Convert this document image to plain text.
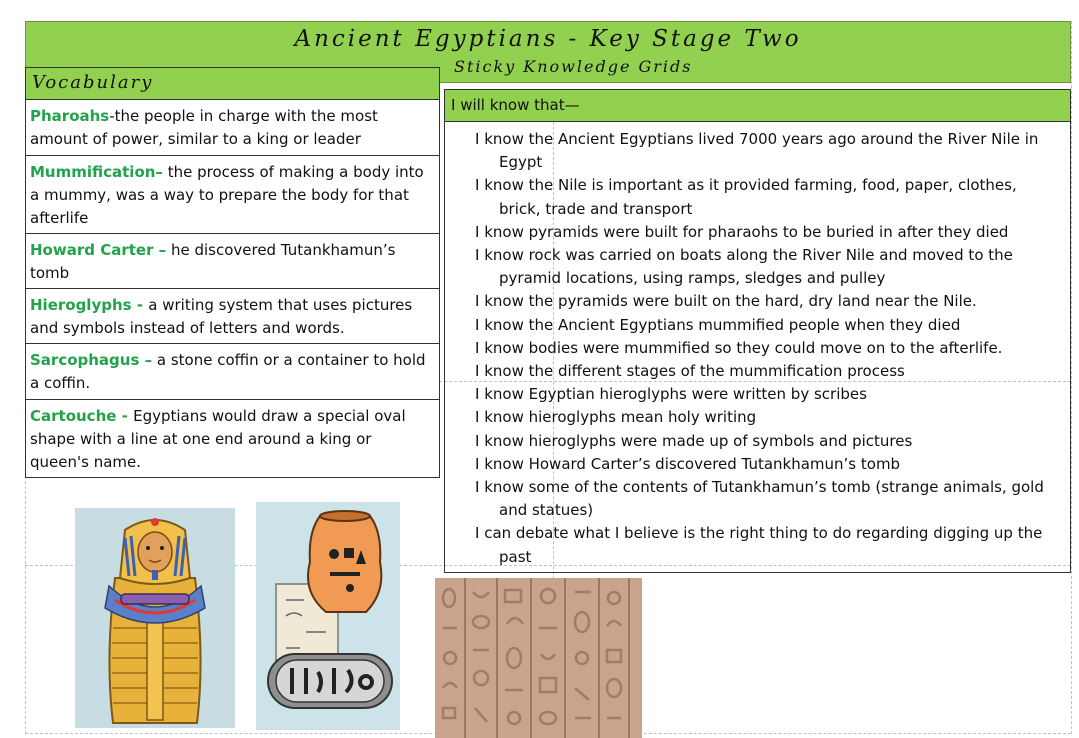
Ancient Egyptians - Key Stage Two
Sticky Knowledge Grids
Vocabulary
Pharoahs-the people in charge with the most amount of power, similar to a king or leader
Mummification– the process of making a body into a mummy, was a way to prepare the body for that afterlife
Howard Carter – he discovered Tutankhamun’s tomb
Hieroglyphs - a writing system that uses pictures and symbols instead of letters and words.
Sarcophagus – a stone coffin or a container to hold a coffin.
Cartouche - Egyptians would draw a special oval shape with a line at one end around a king or queen's name.
I will know that—
I know the Ancient Egyptians lived 7000 years ago around the River Nile in Egypt
I know the Nile is important as it provided farming, food, paper, clothes, brick, trade and transport
I know pyramids were built for pharaohs to be buried in after they died
I know rock was carried on boats along the River Nile and moved to the pyramid locations, using ramps, sledges and pulley
I know the pyramids were built on the hard, dry land near the Nile.
I know the Ancient Egyptians mummified people when they died
I know bodies were mummified so they could move on to the afterlife.
I know the different stages of the mummification process
I know Egyptian hieroglyphs were written by scribes
I know hieroglyphs mean holy writing
I know hieroglyphs were made up of symbols and pictures
I know Howard Carter’s discovered Tutankhamun’s tomb
I know some of the contents of Tutankhamun’s tomb (strange animals, gold and statues)
I can debate what I believe is the right thing to do regarding digging up the past
